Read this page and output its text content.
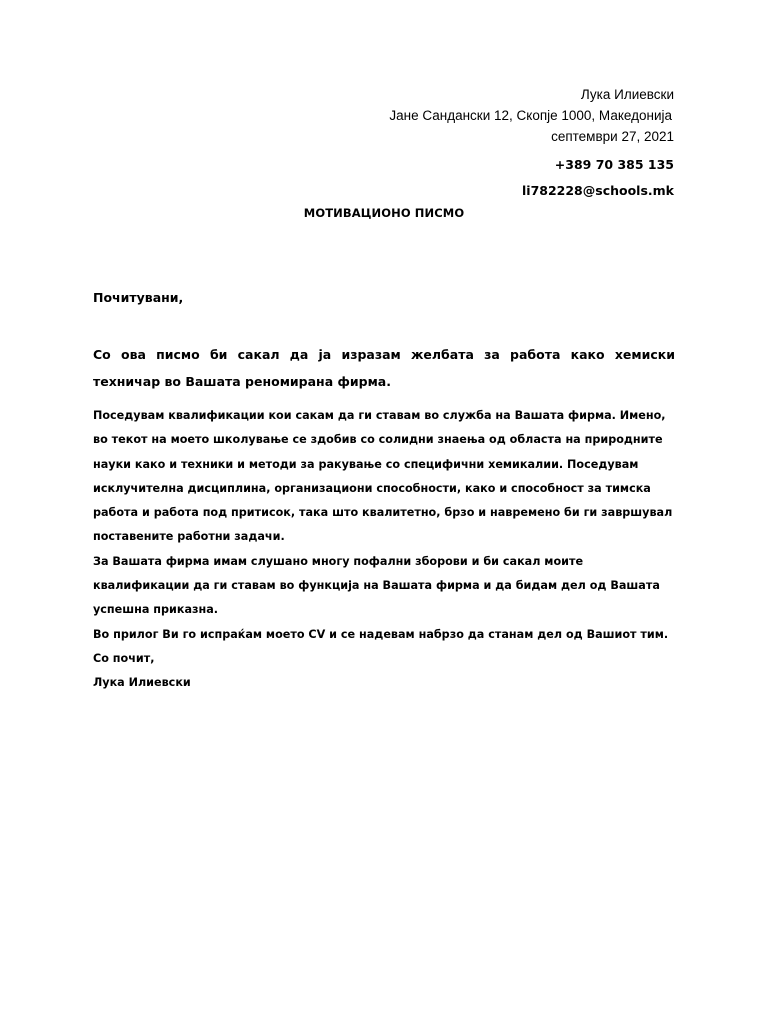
Лука Илиевски
Јане Сандански 12, Скопје 1000, Македонија
септември 27, 2021
+389 70 385 135
li782228@schools.mk
МОТИВАЦИОНО ПИСМО
Почитувани,
Со ова писмо би сакал да ја изразам желбата за работа како хемиски техничар во Вашата реномирана фирма.

Поседувам квалификации кои сакам да ги ставам во служба на Вашата фирма. Имено, во текот на моето школување се здобив со солидни знаења од областа на природните науки како и техники и методи за ракување со специфични хемикалии. Поседувам исклучителна дисциплина, организациони способности, како и способност за тимска работа и работа под притисок, така што квалитетно, брзо и навремено би ги завршувал поставените работни задачи.

За Вашата фирма имам слушано многу пофални зборови и би сакал моите квалификации да ги ставам во функција на Вашата фирма и да бидам дел од Вашата успешна приказна.

Во прилог Ви го испраќам моето CV и се надевам набрзо да станам дел од Вашиот тим.

Со почит,

Лука Илиевски
